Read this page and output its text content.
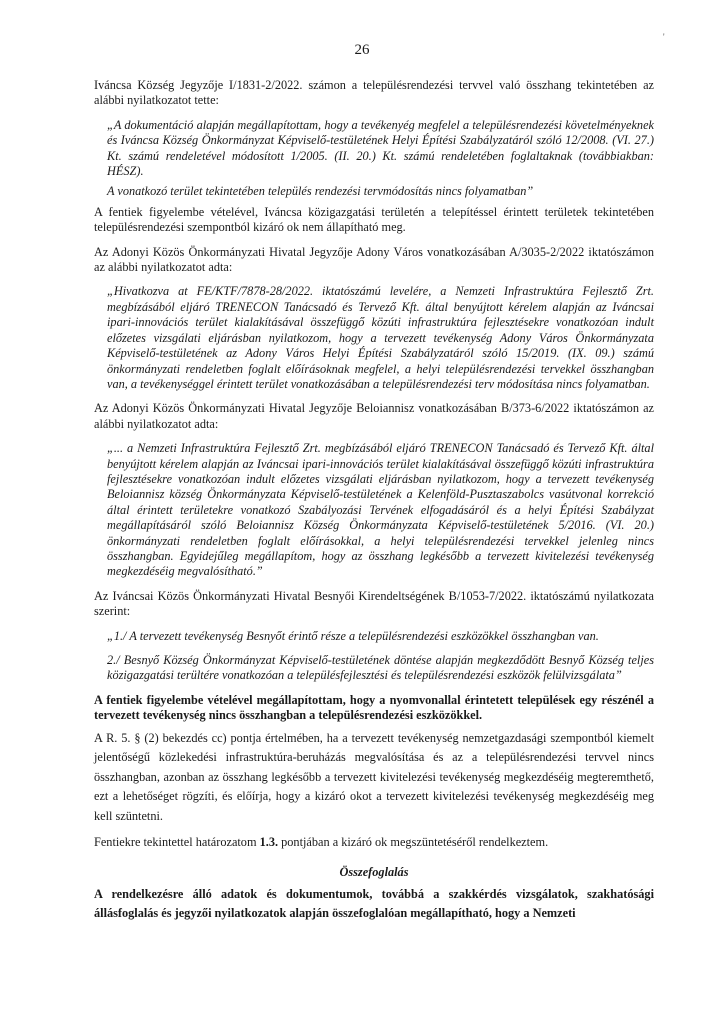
26
'

Iváncsa Község Jegyzője I/1831-2/2022. számon a településrendezési tervvel való összhang tekintetében az alábbi nyilatkozatot tette:

„A dokumentáció alapján megállapítottam, hogy a tevékenyég megfelel a településrendezési követelményeknek és Iváncsa Község Önkormányzat Képviselő-testületének Helyi Építési Szabályzatáról szóló 12/2008. (VI. 27.) Kt. számú rendeletével módosított 1/2005. (II. 20.) Kt. számú rendeletében foglaltaknak (továbbiakban: HÉSZ).

A vonatkozó terület tekintetében település rendezési tervmódosítás nincs folyamatban”

A fentiek figyelembe vételével, Iváncsa közigazgatási területén a telepítéssel érintett területek tekintetében településrendezési szempontból kizáró ok nem állapítható meg.

Az Adonyi Közös Önkormányzati Hivatal Jegyzője Adony Város vonatkozásában A/3035-2/2022 iktatószámon az alábbi nyilatkozatot adta:

„Hivatkozva at FE/KTF/7878-28/2022. iktatószámú levelére, a Nemzeti Infrastruktúra Fejlesztő Zrt. megbízásából eljáró TRENECON Tanácsadó és Tervező Kft. által benyújtott kérelem alapján az Iváncsai ipari-innovációs terület kialakításával összefüggő közúti infrastruktúra fejlesztésekre vonatkozóan indult előzetes vizsgálati eljárásban nyilatkozom, hogy a tervezett tevékenység Adony Város Önkormányzata Képviselő-testületének az Adony Város Helyi Építési Szabályzatáról szóló 15/2019. (IX. 09.) számú önkormányzati rendeletben foglalt előírásoknak megfelel, a helyi településrendezési tervekkel összhangban van, a tevékenységgel érintett terület vonatkozásában a településrendezési terv módosítása nincs folyamatban.

Az Adonyi Közös Önkormányzati Hivatal Jegyzője Beloiannisz vonatkozásában B/373-6/2022 iktatószámon az alábbi nyilatkozatot adta:

„... a Nemzeti Infrastruktúra Fejlesztő Zrt. megbízásából eljáró TRENECON Tanácsadó és Tervező Kft. által benyújtott kérelem alapján az Iváncsai ipari-innovációs terület kialakításával összefüggő közúti infrastruktúra fejlesztésekre vonatkozóan indult előzetes vizsgálati eljárásban nyilatkozom, hogy a tervezett tevékenység Beloiannisz község Önkormányzata Képviselő-testületének a Kelenföld-Pusztaszabolcs vasútvonal korrekció által érintett területekre vonatkozó Szabályozási Tervének elfogadásáról és a helyi Építési Szabályzat megállapításáról szóló Beloiannisz Község Önkormányzata Képviselő-testületének 5/2016. (VI. 20.) önkormányzati rendeletben foglalt előírásokkal, a helyi településrendezési tervekkel jelenleg nincs összhangban. Egyidejűleg megállapítom, hogy az összhang legkésőbb a tervezett kivitelezési tevékenység megkezdéséig megvalósítható.”

Az Iváncsai Közös Önkormányzati Hivatal Besnyői Kirendeltségének B/1053-7/2022. iktatószámú nyilatkozata szerint:

„1./ A tervezett tevékenység Besnyőt érintő része a településrendezési eszközökkel összhangban van.

2./ Besnyő Község Önkormányzat Képviselő-testületének döntése alapján megkezdődött Besnyő Község teljes közigazgatási terültére vonatkozóan a településfejlesztési és településrendezési eszközök felülvizsgálata”

A fentiek figyelembe vételével megállapítottam, hogy a nyomvonallal érintetett települések egy részénél a tervezett tevékenység nincs összhangban a településrendezési eszközökkel.

A R. 5. § (2) bekezdés cc) pontja értelmében, ha a tervezett tevékenység nemzetgazdasági szempontból kiemelt jelentőségű közlekedési infrastruktúra-beruházás megvalósítása és az a településrendezési tervvel nincs összhangban, azonban az összhang legkésőbb a tervezett kivitelezési tevékenység megkezdéséig megteremthető, ezt a lehetőséget rögzíti, és előírja, hogy a kizáró okot a tervezett kivitelezési tevékenység megkezdéséig meg kell szüntetni.

Fentiekre tekintettel határozatom 1.3. pontjában a kizáró ok megszüntetéséről rendelkeztem.

Összefoglalás

A rendelkezésre álló adatok és dokumentumok, továbbá a szakkérdés vizsgálatok, szakhatósági állásfoglalás és jegyzői nyilatkozatok alapján összefoglalóan megállapítható, hogy a Nemzeti
